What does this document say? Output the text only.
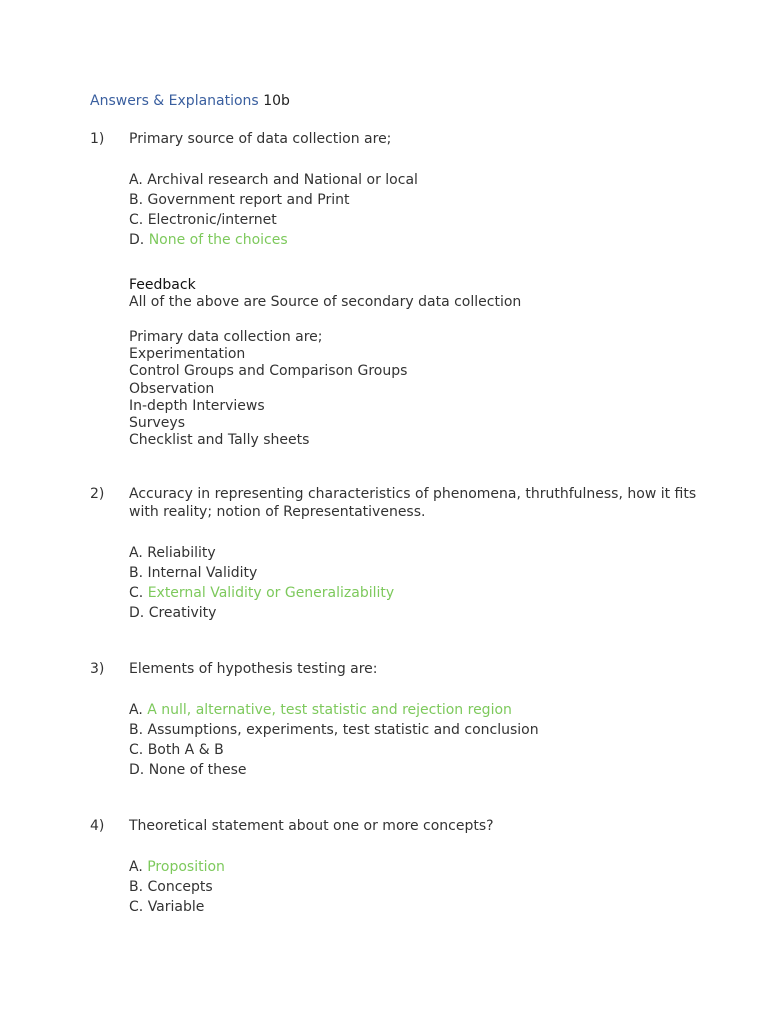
Answers & Explanations 10b
1) Primary source of data collection are;
A. Archival research and National or local
B. Government report and Print
C. Electronic/internet
D. None of the choices
Feedback
All of the above are Source of secondary data collection
Primary data collection are;
Experimentation
Control Groups and Comparison Groups
Observation
In-depth Interviews
Surveys
Checklist and Tally sheets
2) Accuracy in representing characteristics of phenomena, thruthfulness, how it fits with reality; notion of Representativeness.
A. Reliability
B. Internal Validity
C. External Validity or Generalizability
D. Creativity
3) Elements of hypothesis testing are:
A. A null, alternative, test statistic and rejection region
B. Assumptions, experiments, test statistic and conclusion
C. Both A & B
D. None of these
4) Theoretical statement about one or more concepts?
A. Proposition
B. Concepts
C. Variable
